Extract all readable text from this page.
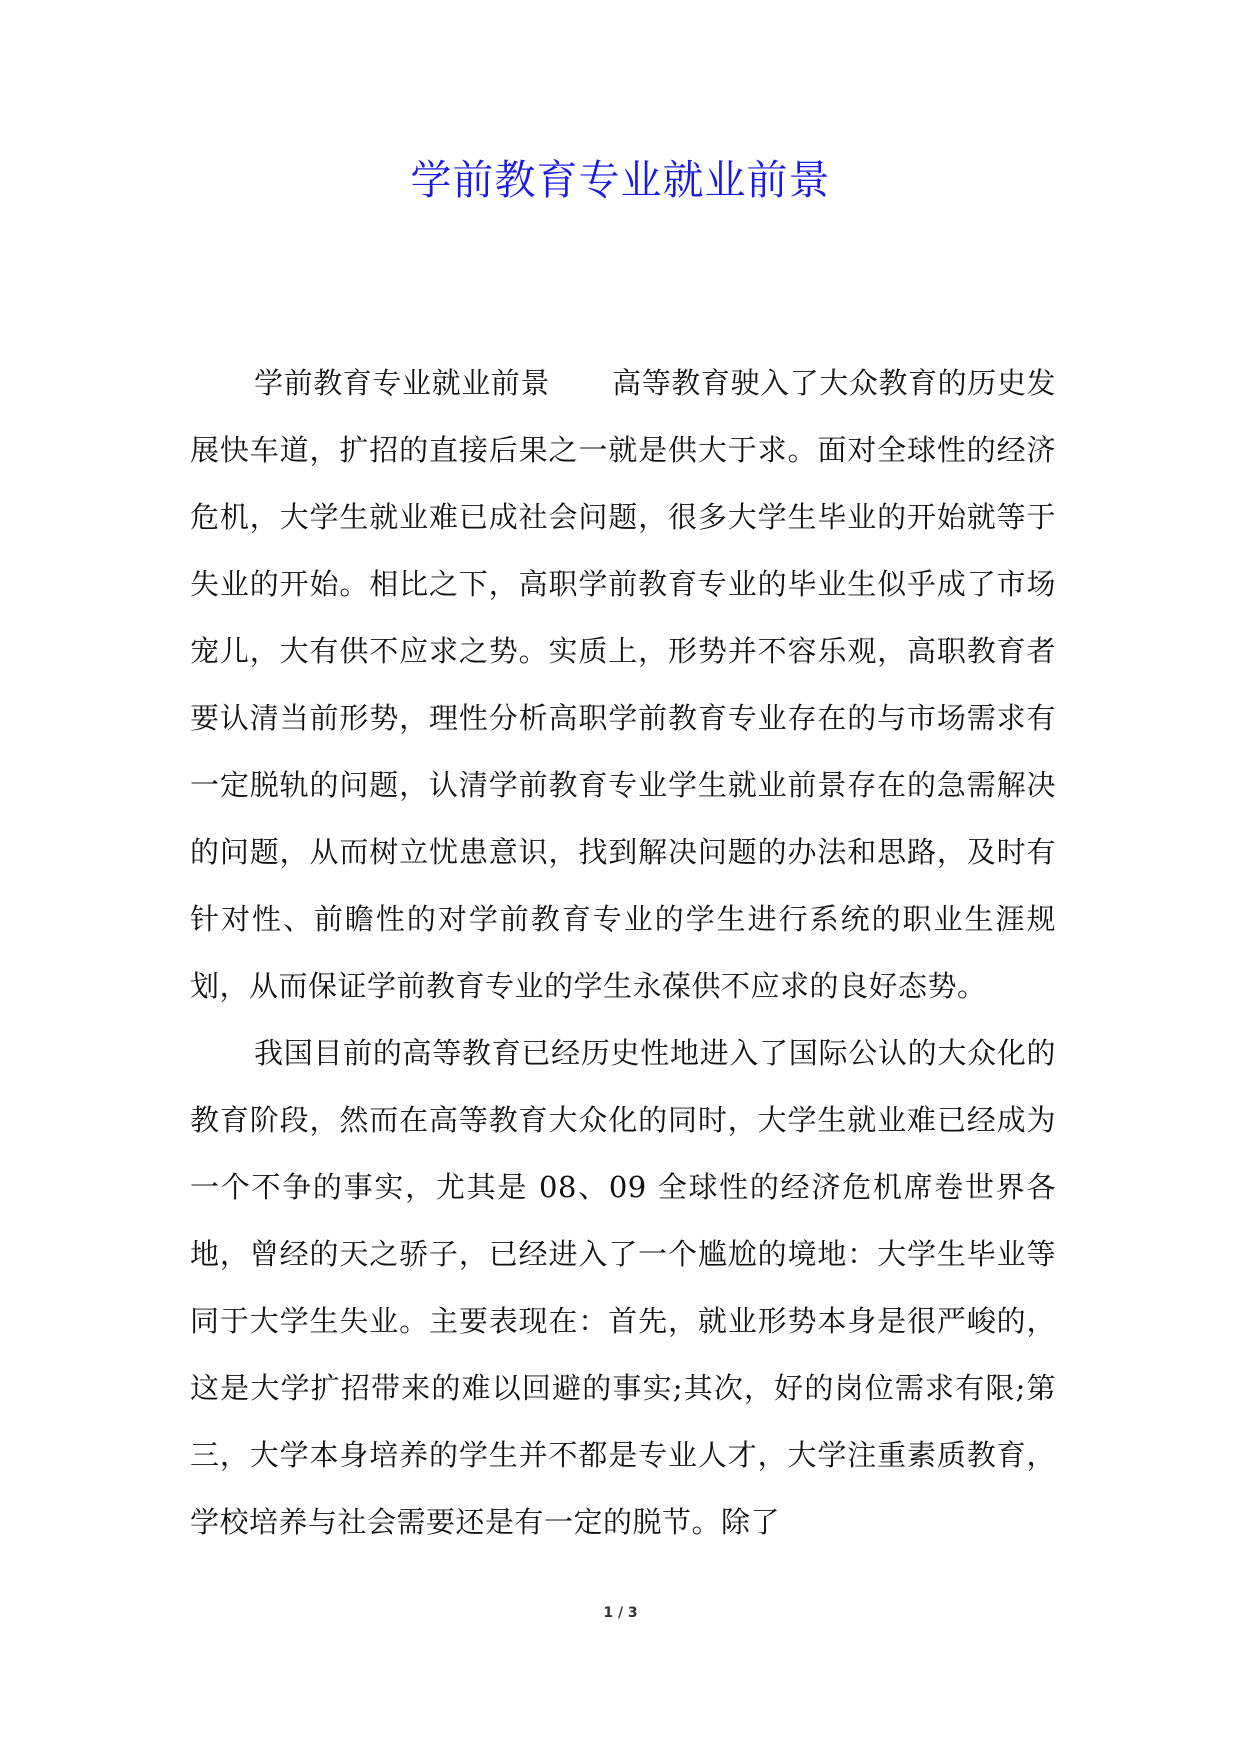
学前教育专业就业前景

学前教育专业就业前景 高等教育驶入了大众教育的历史发展快车道，扩招的直接后果之一就是供大于求。面对全球性的经济危机，大学生就业难已成社会问题，很多大学生毕业的开始就等于失业的开始。相比之下，高职学前教育专业的毕业生似乎成了市场宠儿，大有供不应求之势。实质上，形势并不容乐观，高职教育者要认清当前形势，理性分析高职学前教育专业存在的与市场需求有一定脱轨的问题，认清学前教育专业学生就业前景存在的急需解决的问题，从而树立忧患意识，找到解决问题的办法和思路，及时有针对性、前瞻性的对学前教育专业的学生进行系统的职业生涯规划，从而保证学前教育专业的学生永葆供不应求的良好态势。

我国目前的高等教育已经历史性地进入了国际公认的大众化的教育阶段，然而在高等教育大众化的同时，大学生就业难已经成为一个不争的事实，尤其是 08、09 全球性的经济危机席卷世界各地，曾经的天之骄子，已经进入了一个尴尬的境地：大学生毕业等同于大学生失业。主要表现在：首先，就业形势本身是很严峻的，这是大学扩招带来的难以回避的事实;其次，好的岗位需求有限;第三，大学本身培养的学生并不都是专业人才，大学注重素质教育，学校培养与社会需要还是有一定的脱节。除了

1 / 3
